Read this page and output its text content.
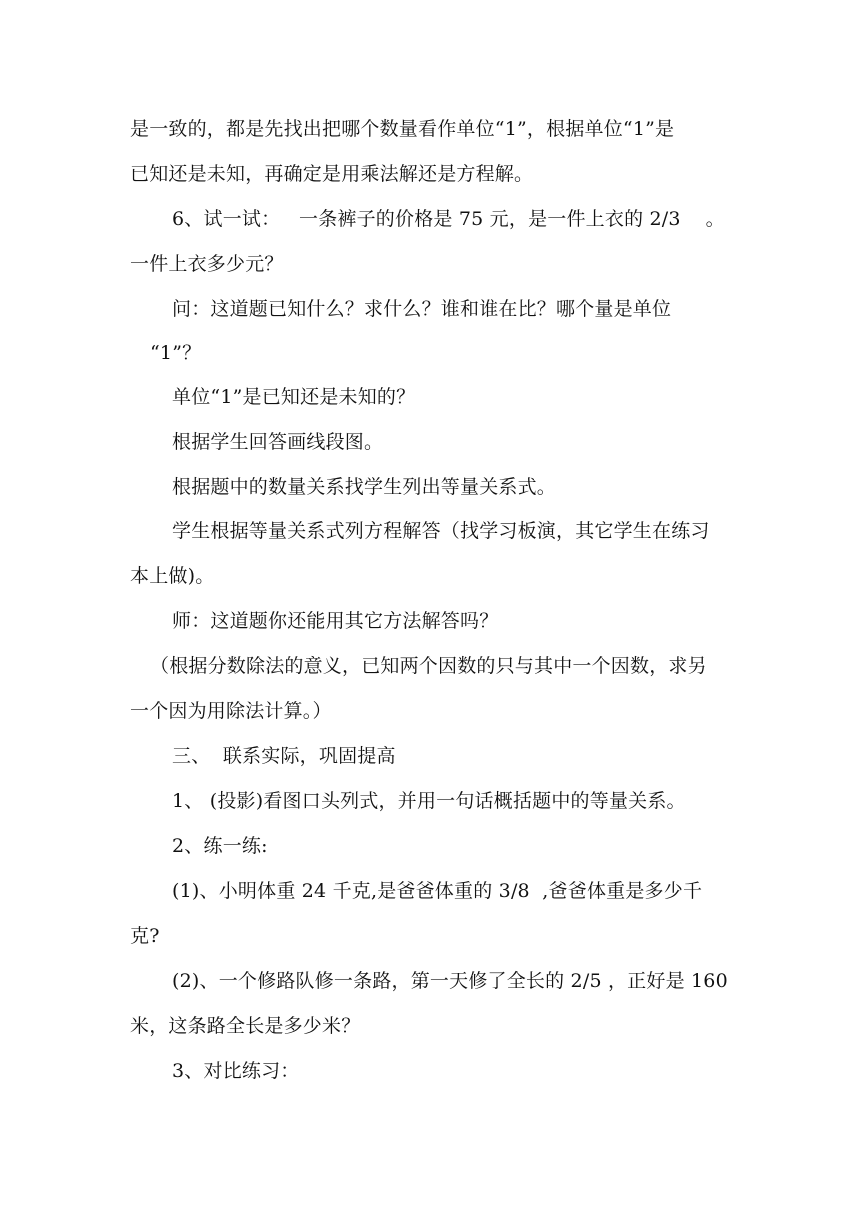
是一致的，都是先找出把哪个数量看作单位“1”，根据单位“1”是
已知还是未知，再确定是用乘法解还是方程解。
6、试一试：   一条裤子的价格是 75 元，是一件上衣的 2/3    。
一件上衣多少元？
问：这道题已知什么？求什么？谁和谁在比？哪个量是单位
“1”？
单位“1”是已知还是未知的？
根据学生回答画线段图。
根据题中的数量关系找学生列出等量关系式。
学生根据等量关系式列方程解答（找学习板演，其它学生在练习
本上做)。
师：这道题你还能用其它方法解答吗？
（根据分数除法的意义，已知两个因数的只与其中一个因数，求另
一个因为用除法计算。）
三、  联系实际，巩固提高
1、 (投影)看图口头列式，并用一句话概括题中的等量关系。
2、练一练:
(1)、小明体重 24 千克,是爸爸体重的 3/8  ,爸爸体重是多少千
克?
(2)、一个修路队修一条路，第一天修了全长的 2/5 ，正好是 160
米，这条路全长是多少米？
3、对比练习：
